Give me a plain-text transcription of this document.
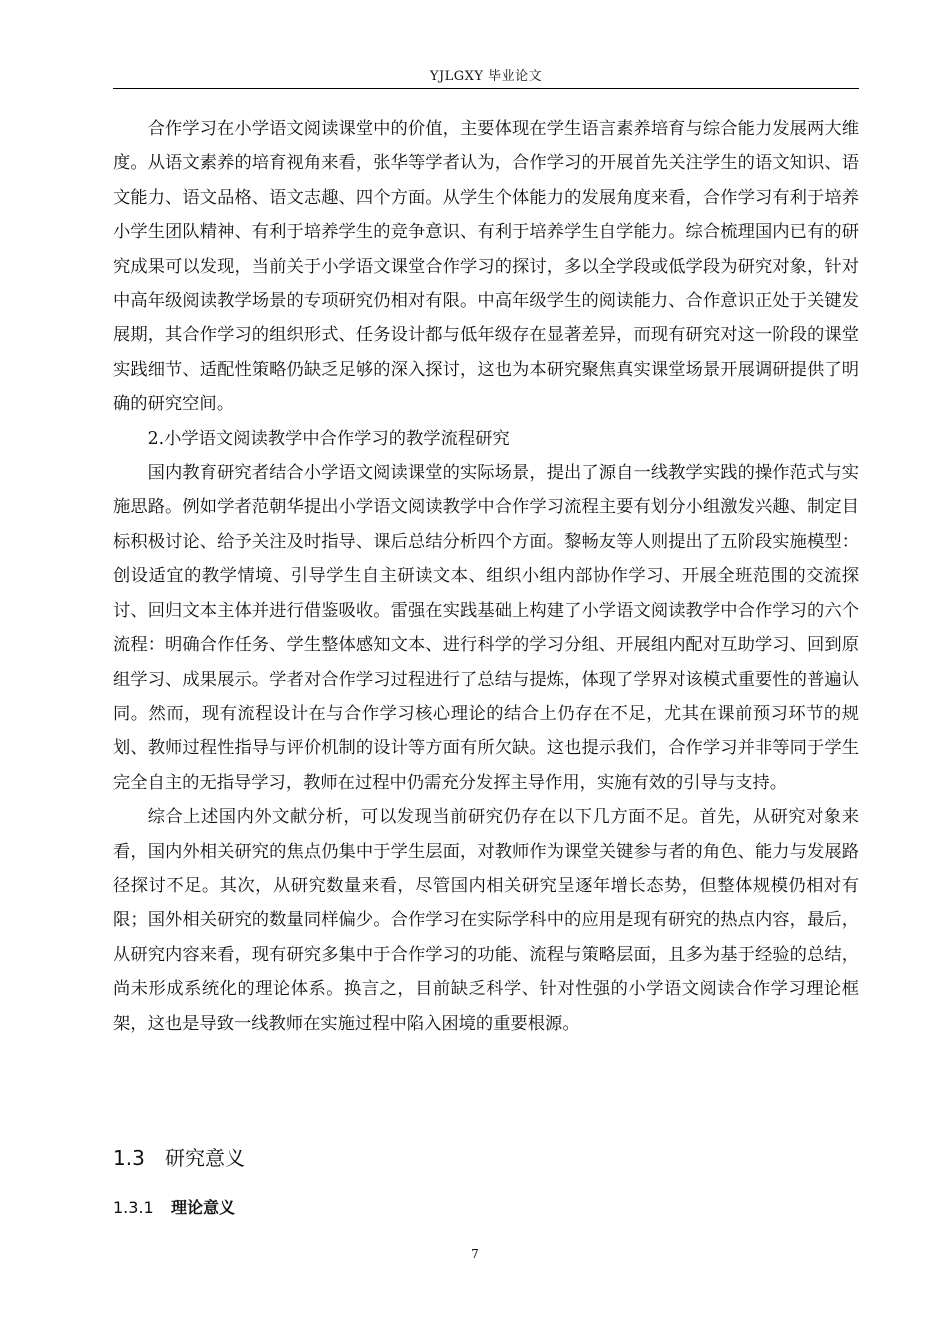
YJLGXY 毕业论文

合作学习在小学语文阅读课堂中的价值，主要体现在学生语言素养培育与综合能力发展两大维度。从语文素养的培育视角来看，张华等学者认为，合作学习的开展首先关注学生的语文知识、语文能力、语文品格、语文志趣、四个方面。从学生个体能力的发展角度来看，合作学习有利于培养小学生团队精神、有利于培养学生的竞争意识、有利于培养学生自学能力。综合梳理国内已有的研究成果可以发现，当前关于小学语文课堂合作学习的探讨，多以全学段或低学段为研究对象，针对中高年级阅读教学场景的专项研究仍相对有限。中高年级学生的阅读能力、合作意识正处于关键发展期，其合作学习的组织形式、任务设计都与低年级存在显著差异，而现有研究对这一阶段的课堂实践细节、适配性策略仍缺乏足够的深入探讨，这也为本研究聚焦真实课堂场景开展调研提供了明确的研究空间。

2.小学语文阅读教学中合作学习的教学流程研究

国内教育研究者结合小学语文阅读课堂的实际场景，提出了源自一线教学实践的操作范式与实施思路。例如学者范朝华提出小学语文阅读教学中合作学习流程主要有划分小组激发兴趣、制定目标积极讨论、给予关注及时指导、课后总结分析四个方面。黎畅友等人则提出了五阶段实施模型：创设适宜的教学情境、引导学生自主研读文本、组织小组内部协作学习、开展全班范围的交流探讨、回归文本主体并进行借鉴吸收。雷强在实践基础上构建了小学语文阅读教学中合作学习的六个流程：明确合作任务、学生整体感知文本、进行科学的学习分组、开展组内配对互助学习、回到原组学习、成果展示。学者对合作学习过程进行了总结与提炼，体现了学界对该模式重要性的普遍认同。然而，现有流程设计在与合作学习核心理论的结合上仍存在不足，尤其在课前预习环节的规划、教师过程性指导与评价机制的设计等方面有所欠缺。这也提示我们，合作学习并非等同于学生完全自主的无指导学习，教师在过程中仍需充分发挥主导作用，实施有效的引导与支持。

综合上述国内外文献分析，可以发现当前研究仍存在以下几方面不足。首先，从研究对象来看，国内外相关研究的焦点仍集中于学生层面，对教师作为课堂关键参与者的角色、能力与发展路径探讨不足。其次，从研究数量来看，尽管国内相关研究呈逐年增长态势，但整体规模仍相对有限；国外相关研究的数量同样偏少。合作学习在实际学科中的应用是现有研究的热点内容，最后，从研究内容来看，现有研究多集中于合作学习的功能、流程与策略层面，且多为基于经验的总结，尚未形成系统化的理论体系。换言之，目前缺乏科学、针对性强的小学语文阅读合作学习理论框架，这也是导致一线教师在实施过程中陷入困境的重要根源。

1.3 研究意义
1.3.1 理论意义
7
